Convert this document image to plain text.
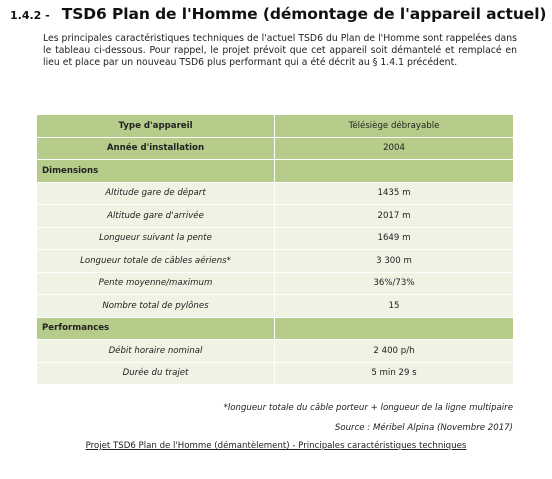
1.4.2 - TSD6 Plan de l'Homme (démontage de l'appareil actuel)

Les principales caractéristiques techniques de l'actuel TSD6 du Plan de l'Homme sont rappelées dans le tableau ci-dessous. Pour rappel, le projet prévoit que cet appareil soit démantelé et remplacé en lieu et place par un nouveau TSD6 plus performant qui a été décrit au § 1.4.1 précédent.

Type d'appareil	Télésiège débrayable
Année d'installation	2004
Dimensions	
Altitude gare de départ	1435 m
Altitude gare d'arrivée	2017 m
Longueur suivant la pente	1649 m
Longueur totale de câbles aériens*	3 300 m
Pente moyenne/maximum	36%/73%
Nombre total de pylônes	15
Performances	
Débit horaire nominal	2 400 p/h
Durée du trajet	5 min 29 s
*longueur totale du câble porteur + longueur de la ligne multipaire
Source : Méribel Alpina (Novembre 2017)
Projet TSD6 Plan de l'Homme (démantèlement) - Principales caractéristiques techniques
